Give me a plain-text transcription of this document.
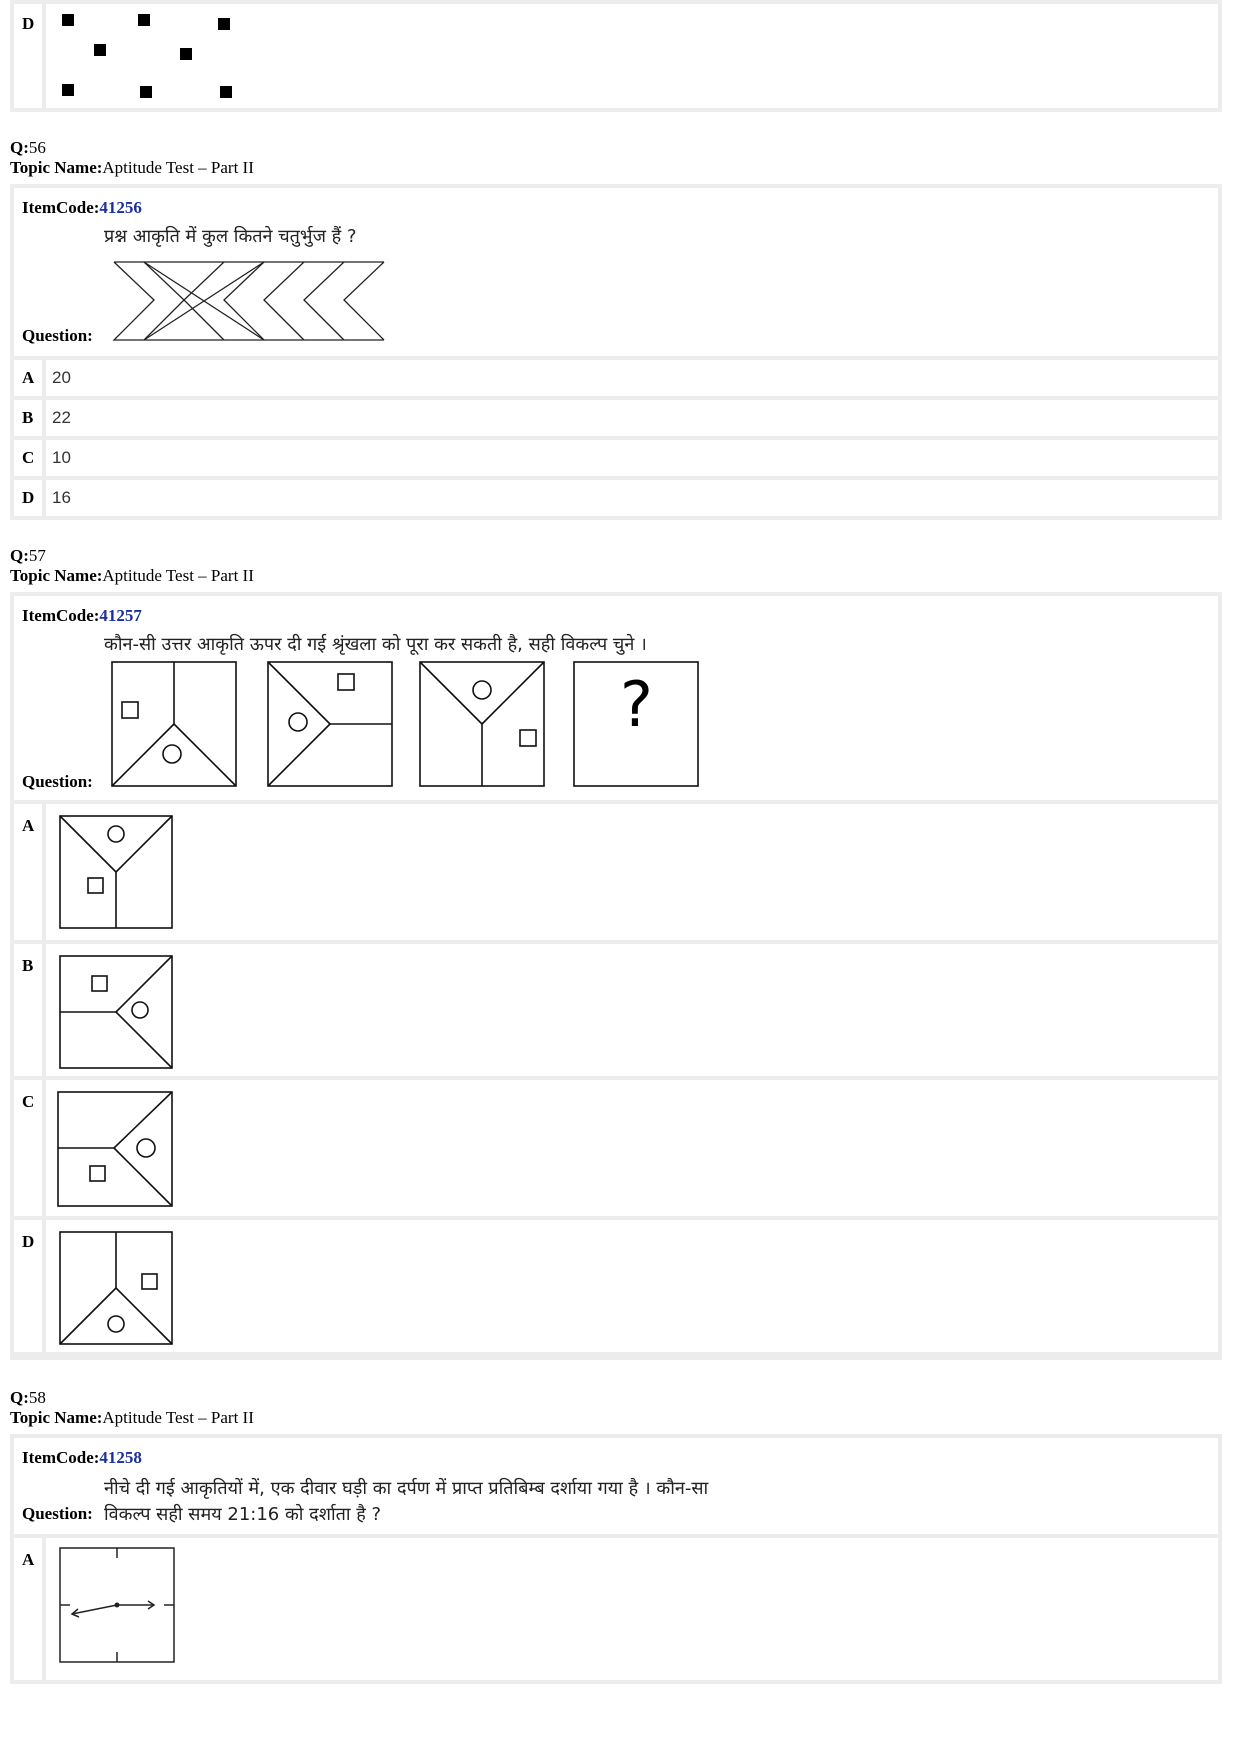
D
Q:56
Topic Name:Aptitude Test – Part II
ItemCode:41256
प्रश्न आकृति में कुल कितने चतुर्भुज हैं ?
Question:
A	20
B	22
C	10
D	16
Q:57
Topic Name:Aptitude Test – Part II
ItemCode:41257
कौन-सी उत्तर आकृति ऊपर दी गई श्रृंखला को पूरा कर सकती है, सही विकल्प चुने ।
Question:
?
A
B
C
D
Q:58
Topic Name:Aptitude Test – Part II
ItemCode:41258
नीचे दी गई आकृतियों में, एक दीवार घड़ी का दर्पण में प्राप्त प्रतिबिम्ब दर्शाया गया है । कौन-सा
Question: विकल्प सही समय 21:16 को दर्शाता है ?
A
